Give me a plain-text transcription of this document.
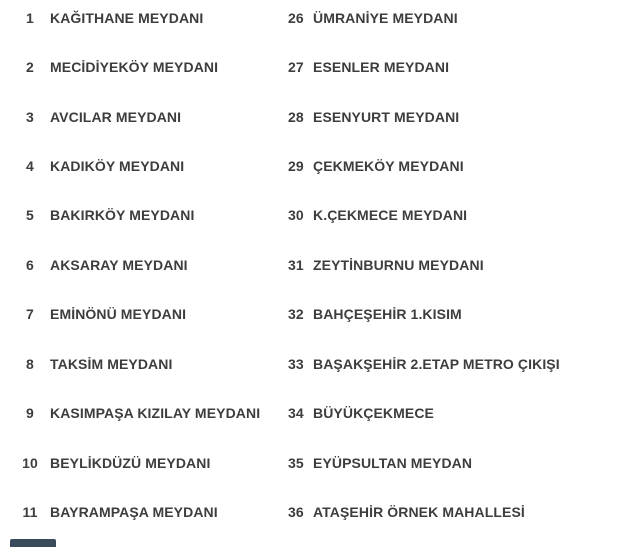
1	KAĞITHANE MEYDANI	26 ÜMRANİYE MEYDANI
2	MECİDİYEKÖY MEYDANI	27 ESENLER MEYDANI
3	AVCILAR MEYDANI	28 ESENYURT MEYDANI
4	KADIKÖY MEYDANI	29 ÇEKMEKÖY MEYDANI
5	BAKIRKÖY MEYDANI	30 K.ÇEKMECE MEYDANI
6	AKSARAY MEYDANI	31 ZEYTİNBURNU MEYDANI
7	EMİNÖNÜ MEYDANI	32 BAHÇEŞEHİR 1.KISIM
8	TAKSİM MEYDANI	33 BAŞAKŞEHİR 2.ETAP METRO ÇIKIŞI
9	KASIMPAŞA KIZILAY MEYDANI 34 BÜYÜKÇEKMECE
10 BEYLİKDÜZÜ MEYDANI	35 EYÜPSULTAN MEYDAN
11 BAYRAMPAŞA MEYDANI	36 ATAŞEHİR ÖRNEK MAHALLESİ
